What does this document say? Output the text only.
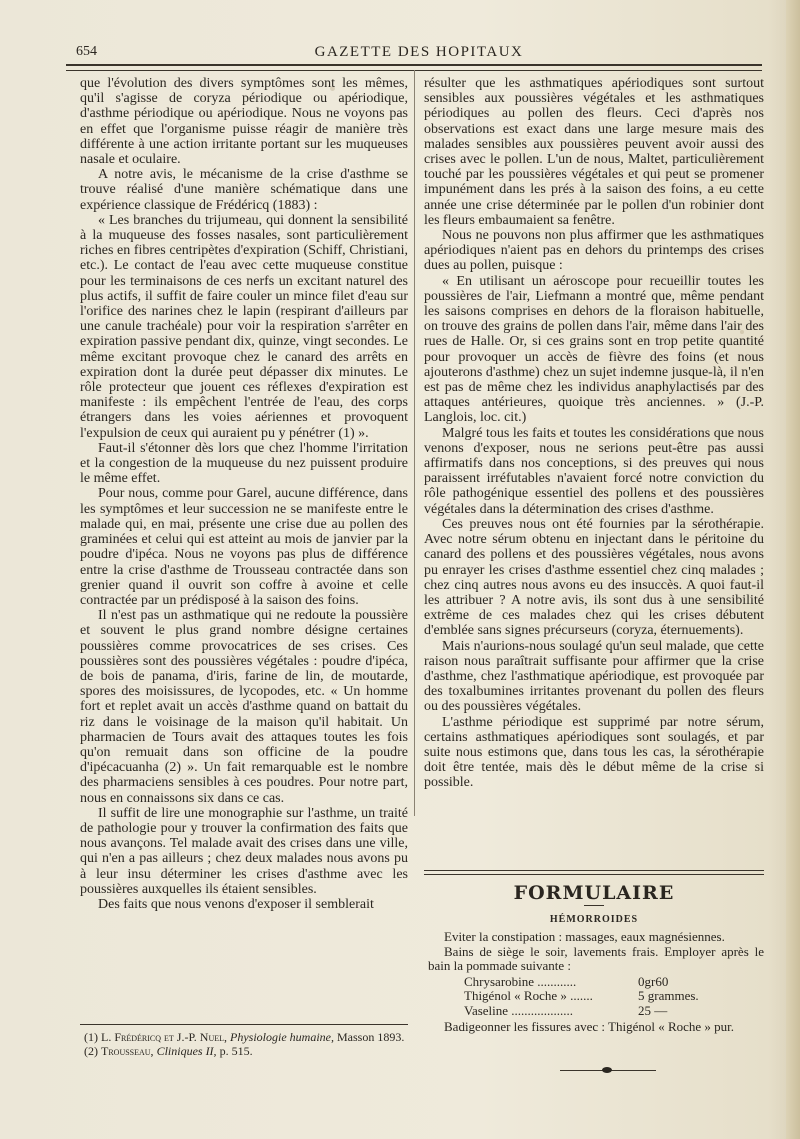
654	GAZETTE DES HOPITAUX

que l'évolution des divers symptômes sont les mêmes, qu'il s'agisse de coryza périodique ou apériodique, d'asthme périodique ou apériodique. Nous ne voyons pas en effet que l'organisme puisse réagir de manière très différente à une action irritante portant sur les muqueuses nasale et oculaire.

A notre avis, le mécanisme de la crise d'asthme se trouve réalisé d'une manière schématique dans une expérience classique de Frédéricq (1883) :

« Les branches du trijumeau, qui donnent la sensibilité à la muqueuse des fosses nasales, sont particulièrement riches en fibres centripètes d'expiration (Schiff, Christiani, etc.). Le contact de l'eau avec cette muqueuse constitue pour les terminaisons de ces nerfs un excitant naturel des plus actifs, il suffit de faire couler un mince filet d'eau sur l'orifice des narines chez le lapin (respirant d'ailleurs par une canule trachéale) pour voir la respiration s'arrêter en expiration passive pendant dix, quinze, vingt secondes. Le même excitant provoque chez le canard des arrêts en expiration dont la durée peut dépasser dix minutes. Le rôle protecteur que jouent ces réflexes d'expiration est manifeste : ils empêchent l'entrée de l'eau, des corps étrangers dans les voies aériennes et provoquent l'expulsion de ceux qui auraient pu y pénétrer (1) ».

Faut-il s'étonner dès lors que chez l'homme l'irritation et la congestion de la muqueuse du nez puissent produire le même effet.

Pour nous, comme pour Garel, aucune différence, dans les symptômes et leur succession ne se manifeste entre le malade qui, en mai, présente une crise due au pollen des graminées et celui qui est atteint au mois de janvier par la poudre d'ipéca. Nous ne voyons pas plus de différence entre la crise d'asthme de Trousseau contractée dans son grenier quand il ouvrit son coffre à avoine et celle contractée par un prédisposé à la saison des foins.

Il n'est pas un asthmatique qui ne redoute la poussière et souvent le plus grand nombre désigne certaines poussières comme provocatrices de ses crises. Ces poussières sont des poussières végétales : poudre d'ipéca, de bois de panama, d'iris, farine de lin, de moutarde, spores des moisissures, de lycopodes, etc. « Un homme fort et replet avait un accès d'asthme quand on battait du riz dans le voisinage de la maison qu'il habitait. Un pharmacien de Tours avait des attaques toutes les fois qu'on remuait dans son officine de la poudre d'ipécacuanha (2) ». Un fait remarquable est le nombre des pharmaciens sensibles à ces poudres. Pour notre part, nous en connaissons six dans ce cas.

Il suffit de lire une monographie sur l'asthme, un traité de pathologie pour y trouver la confirmation des faits que nous avançons. Tel malade avait des crises dans une ville, qui n'en a pas ailleurs ; chez deux malades nous avons pu à leur insu déterminer les crises d'asthme avec les poussières auxquelles ils étaient sensibles.

Des faits que nous venons d'exposer il semblerait

résulter que les asthmatiques apériodiques sont surtout sensibles aux poussières végétales et les asthmatiques périodiques au pollen des fleurs. Ceci d'après nos observations est exact dans une large mesure mais des malades sensibles aux poussières peuvent avoir aussi des crises avec le pollen. L'un de nous, Maltet, particulièrement touché par les poussières végétales et qui peut se promener impunément dans les prés à la saison des foins, a eu cette année une crise déterminée par le pollen d'un robinier dont les fleurs embaumaient sa fenêtre.

Nous ne pouvons non plus affirmer que les asthmatiques apériodiques n'aient pas en dehors du printemps des crises dues au pollen, puisque :

« En utilisant un aéroscope pour recueillir toutes les poussières de l'air, Liefmann a montré que, même pendant les saisons comprises en dehors de la floraison habituelle, on trouve des grains de pollen dans l'air, même dans l'air des rues de Halle. Or, si ces grains sont en trop petite quantité pour provoquer un accès de fièvre des foins (et nous ajouterons d'asthme) chez un sujet indemne jusque-là, il n'en est pas de même chez les individus anaphylactisés par des attaques antérieures, quoique très anciennes. » (J.-P. Langlois, loc. cit.)

Malgré tous les faits et toutes les considérations que nous venons d'exposer, nous ne serions peut-être pas aussi affirmatifs dans nos conceptions, si des preuves qui nous paraissent irréfutables n'avaient forcé notre conviction du rôle pathogénique essentiel des pollens et des poussières végétales dans la détermination des crises d'asthme.

Ces preuves nous ont été fournies par la sérothérapie. Avec notre sérum obtenu en injectant dans le péritoine du canard des pollens et des poussières végétales, nous avons pu enrayer les crises d'asthme essentiel chez cinq malades ; chez cinq autres nous avons eu des insuccès. A quoi faut-il les attribuer ? A notre avis, ils sont dus à une sensibilité extrême de ces malades chez qui les crises débutent d'emblée sans signes précurseurs (coryza, éternuements).

Mais n'aurions-nous soulagé qu'un seul malade, que cette raison nous paraîtrait suffisante pour affirmer que la crise d'asthme, chez l'asthmatique apériodique, est provoquée par des toxalbumines irritantes provenant du pollen des fleurs ou des poussières végétales.

L'asthme périodique est supprimé par notre sérum, certains asthmatiques apériodiques sont soulagés, et par suite nous estimons que, dans tous les cas, la sérothérapie doit être tentée, mais dès le début même de la crise si possible.

(1) L. Frédéricq et J.-P. Nuel, Physiologie humaine, Masson 1893.
(2) Trousseau, Cliniques II, p. 515.
FORMULAIRE
HÉMORROIDES

Eviter la constipation : massages, eaux magnésiennes.

Bains de siège le soir, lavements frais. Employer après le bain la pommade suivante :

Chrysarobine ............	0gr60
Thigénol « Roche » .......	5 grammes.
Vaseline ...................	25 —

Badigeonner les fissures avec : Thigénol « Roche » pur.
